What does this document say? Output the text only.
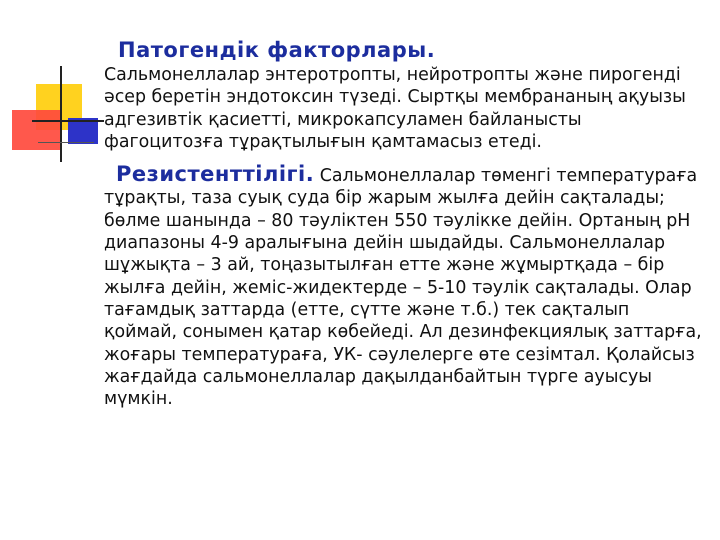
Патогендік факторлары.

Сальмонеллалар энтеротропты, нейротропты және пирогенді әсер беретін эндотоксин түзеді. Сыртқы мембрананың ақуызы адгезивтік қасиетті, микрокапсуламен байланысты фагоцитозға тұрақтылығын қамтамасыз етеді.

Резистенттілігі. Сальмонеллалар төменгі температураға тұрақты, таза суық суда бір жарым жылға дейін сақталады; бөлме шанында – 80 тәуліктен 550 тәулікке дейін. Ортаның рН диапазоны 4-9 аралығына дейін шыдайды. Сальмонеллалар шұжықта – 3 ай, тоңазытылған етте және жұмыртқада – бір жылға дейін, жеміс-жидектерде – 5-10 тәулік сақталады. Олар тағамдық заттарда (етте, сүтте және т.б.) тек сақталып қоймай, сонымен қатар көбейеді. Ал дезинфекциялық заттарға, жоғары температураға, УК- сәулелерге өте сезімтал. Қолайсыз жағдайда сальмонеллалар дақылданбайтын түрге ауысуы мүмкін.
